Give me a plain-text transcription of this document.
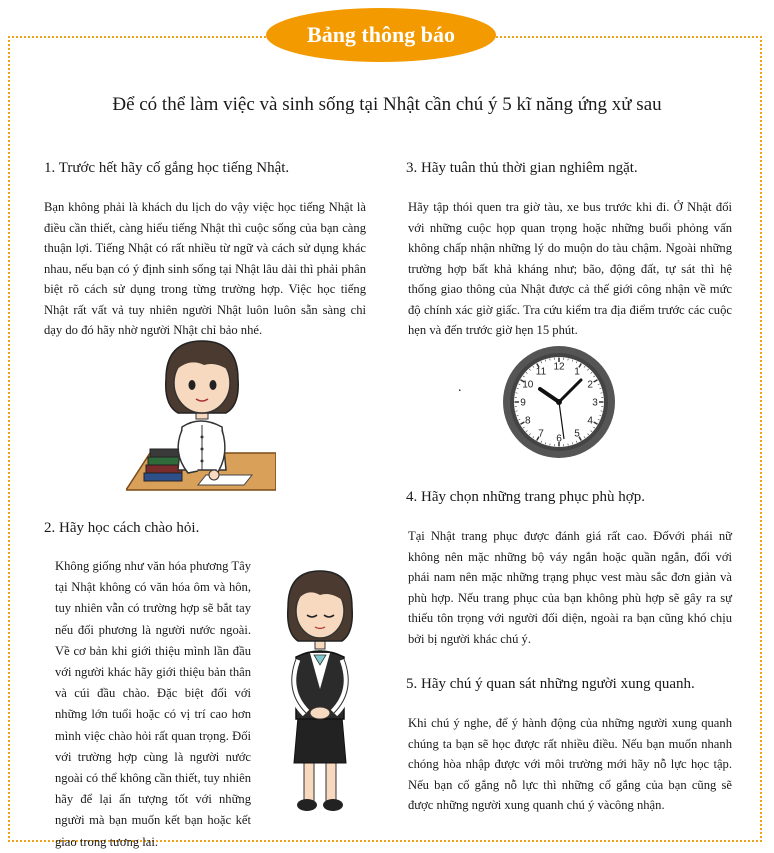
Bảng thông báo
Để có thể làm việc và sinh sống tại Nhật cần chú ý 5 kĩ năng ứng xử sau
1. Trước hết hãy cố gắng học tiếng Nhật.

Bạn không phải là khách du lịch do vậy việc học tiếng Nhật là điều cần thiết, càng hiểu tiếng Nhật thì cuộc sống của bạn càng thuận lợi. Tiếng Nhật có rất nhiều từ ngữ và cách sử dụng khác nhau, nếu bạn có ý định sinh sống tại Nhật lâu dài thì phải phân biệt rõ cách sử dụng trong từng trường hợp. Việc học tiếng Nhật rất vất vả tuy nhiên người Nhật luôn luôn sẵn sàng chỉ dạy do đó hãy nhờ người Nhật chỉ bảo nhé.

2. Hãy học cách chào hỏi.

Không giống như văn hóa phương Tây tại Nhật không có văn hóa ôm và hôn, tuy nhiên vẫn có trường hợp sẽ bắt tay nếu đối phương là người nước ngoài. Về cơ bản khi giới thiệu mình lần đầu với người khác hãy giới thiệu bản thân và cúi đầu chào. Đặc biệt đối với những lớn tuổi hoặc có vị trí cao hơn mình việc chào hỏi rất quan trọng. Đối với trường hợp cùng là người nước ngoài có thể không cần thiết, tuy nhiên hãy để lại ấn tượng tốt với những người mà bạn muốn kết bạn hoặc kết giao trong tương lai.

3. Hãy tuân thủ thời gian nghiêm ngặt.

Hãy tập thói quen tra giờ tàu, xe bus trước khi đi. Ở Nhật đối với những cuộc họp quan trọng hoặc những buổi phỏng vấn không chấp nhận những lý do muộn do tàu chậm. Ngoài những trường hợp bất khả kháng như; bão, động đất, tự sát thì hệ thống giao thông của Nhật được cả thế giới công nhận về mức độ chính xác giờ giấc. Tra cứu kiểm tra địa điểm trước các cuộc hẹn và đến trước giờ hẹn 15 phút.

.
4. Hãy chọn những trang phục phù hợp.

Tại Nhật trang phục được đánh giá rất cao. Đốvới phái nữ không nên mặc những bộ váy ngắn hoặc quần ngắn, đối với phái nam nên mặc những trạng phục vest màu sắc đơn giản và phù hợp. Nếu trang phục của bạn không phù hợp sẽ gây ra sự thiếu tôn trọng với người đối diện, ngoài ra bạn cũng khó chịu bởi bị người khác chú ý.

5. Hãy chú ý quan sát những người xung quanh.

Khi chú ý nghe, để ý hành động của những người xung quanh chúng ta bạn sẽ học được rất nhiều điều. Nếu bạn muốn nhanh chóng hòa nhập được với môi trường mới hãy nỗ lực học tập. Nếu bạn cố gắng nỗ lực thì những cố gắng của bạn cũng sẽ được những người xung quanh chú ý vàcông nhận.

12 1
2
3
4
5
6
7
8
9
10
11
